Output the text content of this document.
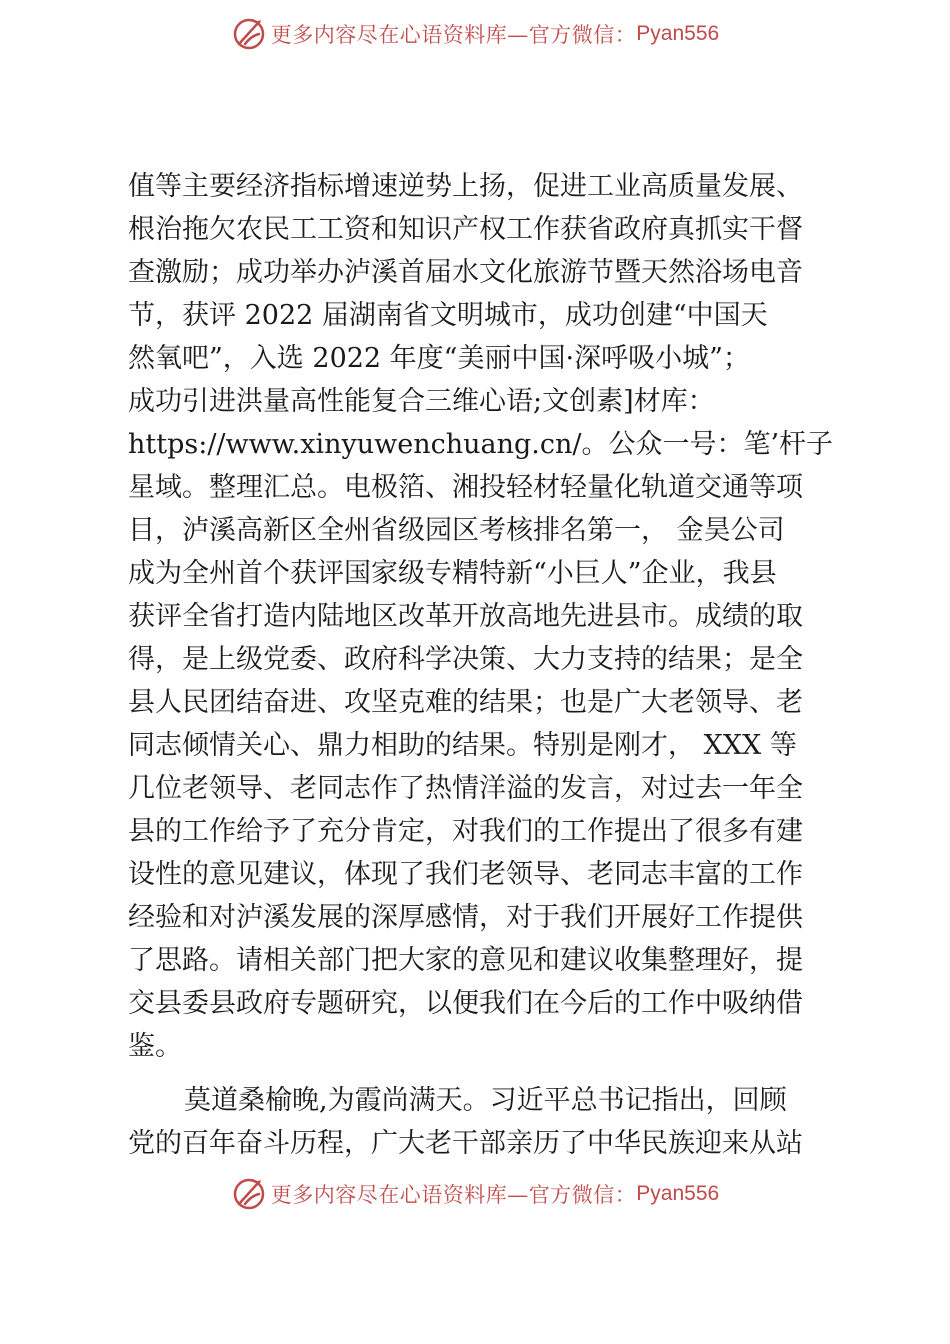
更多内容尽在心语资料库—官方微信： Pyan556

值等主要经济指标增速逆势上扬，促进工业高质量发展、

根治拖欠农民工工资和知识产权工作获省政府真抓实干督

查激励；成功举办泸溪首届水文化旅游节暨天然浴场电音

节，获评 2022 届湖南省文明城市，成功创建“中国天

然氧吧”，入选 2022 年度“美丽中国·深呼吸小城”；

成功引进洪量高性能复合三维心语;文创素]材库：

https://www.xinyuwenchuang.cn/。公众一号：笔’杆子

星域。整理汇总。电极箔、湘投轻材轻量化轨道交通等项

目，泸溪高新区全州省级园区考核排名第一， 金昊公司

成为全州首个获评国家级专精特新“小巨人”企业，我县

获评全省打造内陆地区改革开放高地先进县市。成绩的取

得，是上级党委、政府科学决策、大力支持的结果；是全

县人民团结奋进、攻坚克难的结果；也是广大老领导、老

同志倾情关心、鼎力相助的结果。特别是刚才， XXX 等

几位老领导、老同志作了热情洋溢的发言，对过去一年全

县的工作给予了充分肯定，对我们的工作提出了很多有建

设性的意见建议，体现了我们老领导、老同志丰富的工作

经验和对泸溪发展的深厚感情，对于我们开展好工作提供

了思路。请相关部门把大家的意见和建议收集整理好，提

交县委县政府专题研究，以便我们在今后的工作中吸纳借

鉴。

莫道桑榆晚,为霞尚满天。习近平总书记指出，回顾

党的百年奋斗历程，广大老干部亲历了中华民族迎来从站

更多内容尽在心语资料库—官方微信： Pyan556
